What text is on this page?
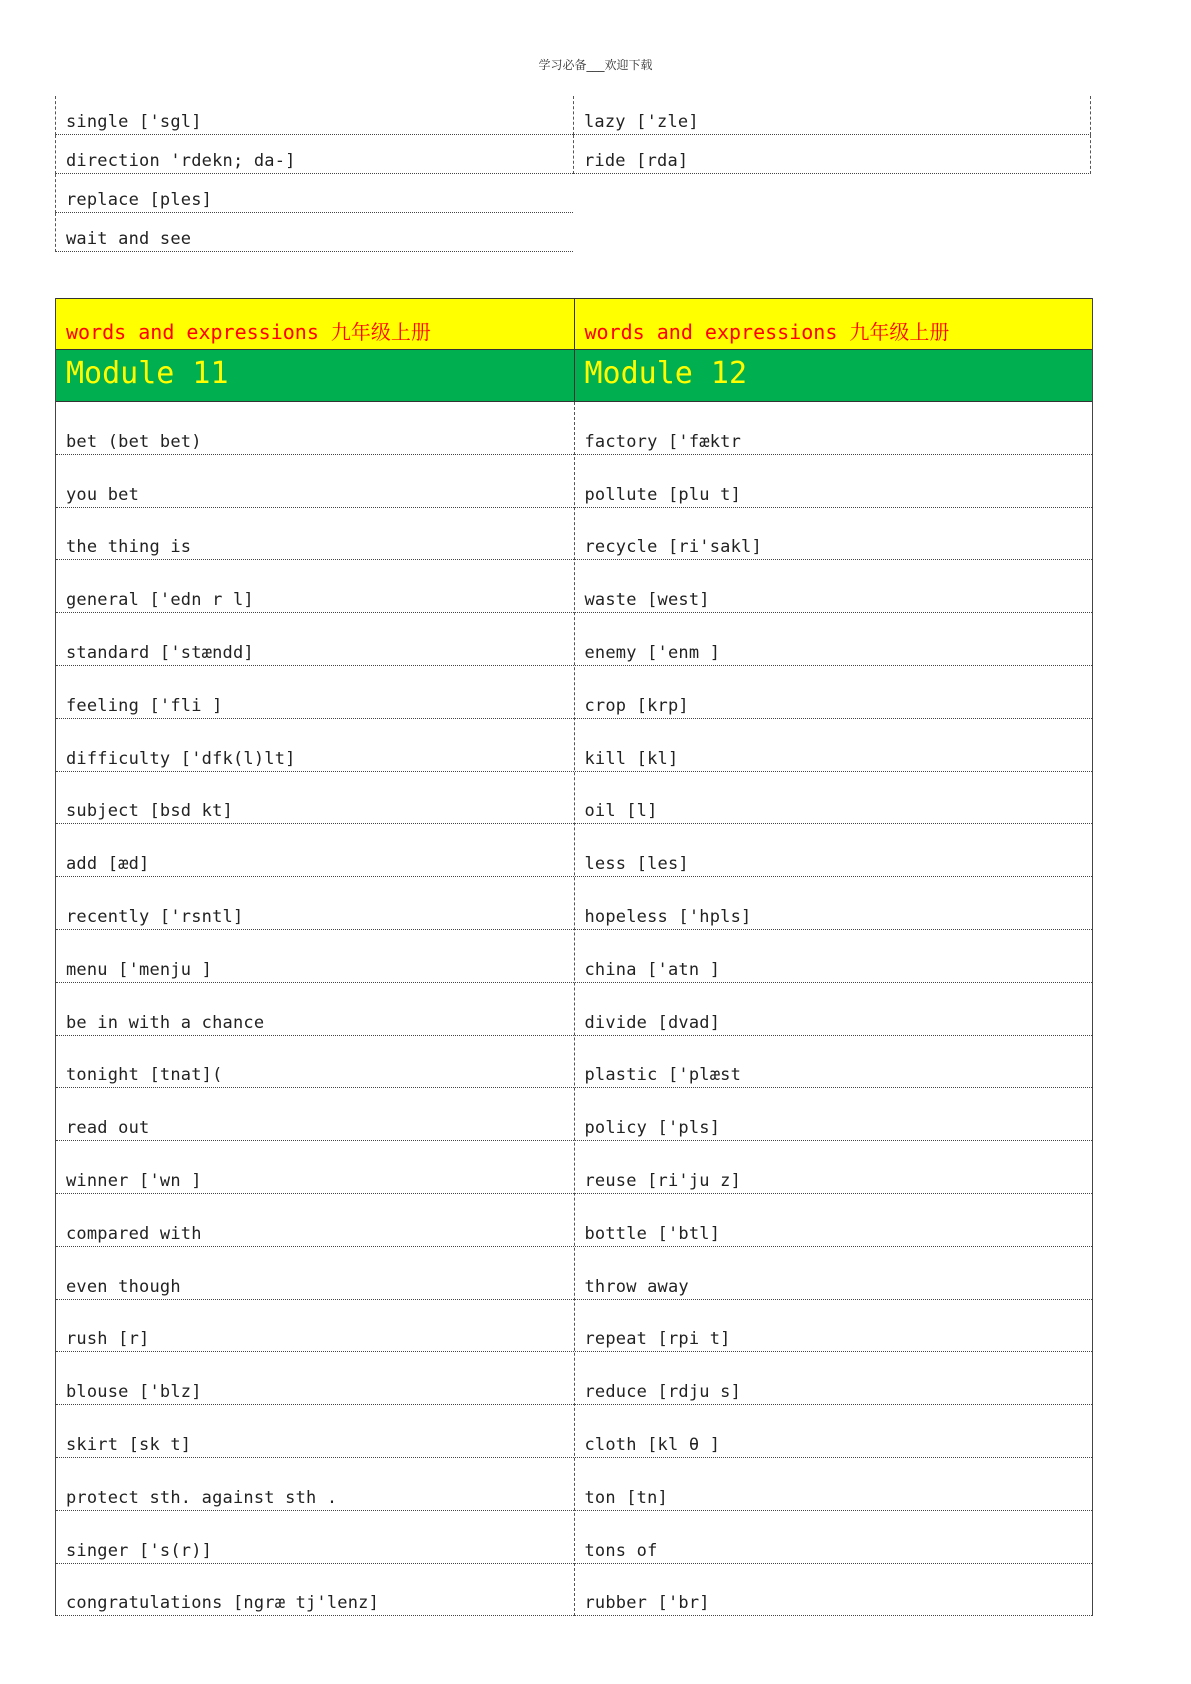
学习必备___欢迎下载
single ['sgl]
direction 'rdekn; da-]
replace [ples]
wait and see
lazy ['zle]
ride [rda]
words and expressions 九年级上册	words and expressions 九年级上册
Module 11	Module 12
bet (bet bet)
you bet
the thing is
general ['edn r l]
standard ['stændd]
feeling ['fli ]
difficulty ['dfk(l)lt]
subject [bsd kt]
add [æd]
recently ['rsntl]
menu ['menju ]
be in with a chance
tonight [tnat](
read out
winner ['wn ]
compared with
even though
rush [r]
blouse ['blz]
skirt [sk t]
protect sth. against sth .
singer ['s(r)]
congratulations [ngræ tj'lenz]
factory ['fæktr
pollute [plu t]
recycle [ri'sakl]
waste [west]
enemy ['enm ]
crop [krp]
kill [kl]
oil [l]
less [les]
hopeless ['hpls]
china ['atn ]
divide [dvad]
plastic ['plæst
policy ['pls]
reuse [ri'ju z]
bottle ['btl]
throw away
repeat [rpi t]
reduce [rdju s]
cloth [kl θ ]
ton [tn]
tons of
rubber ['br]
